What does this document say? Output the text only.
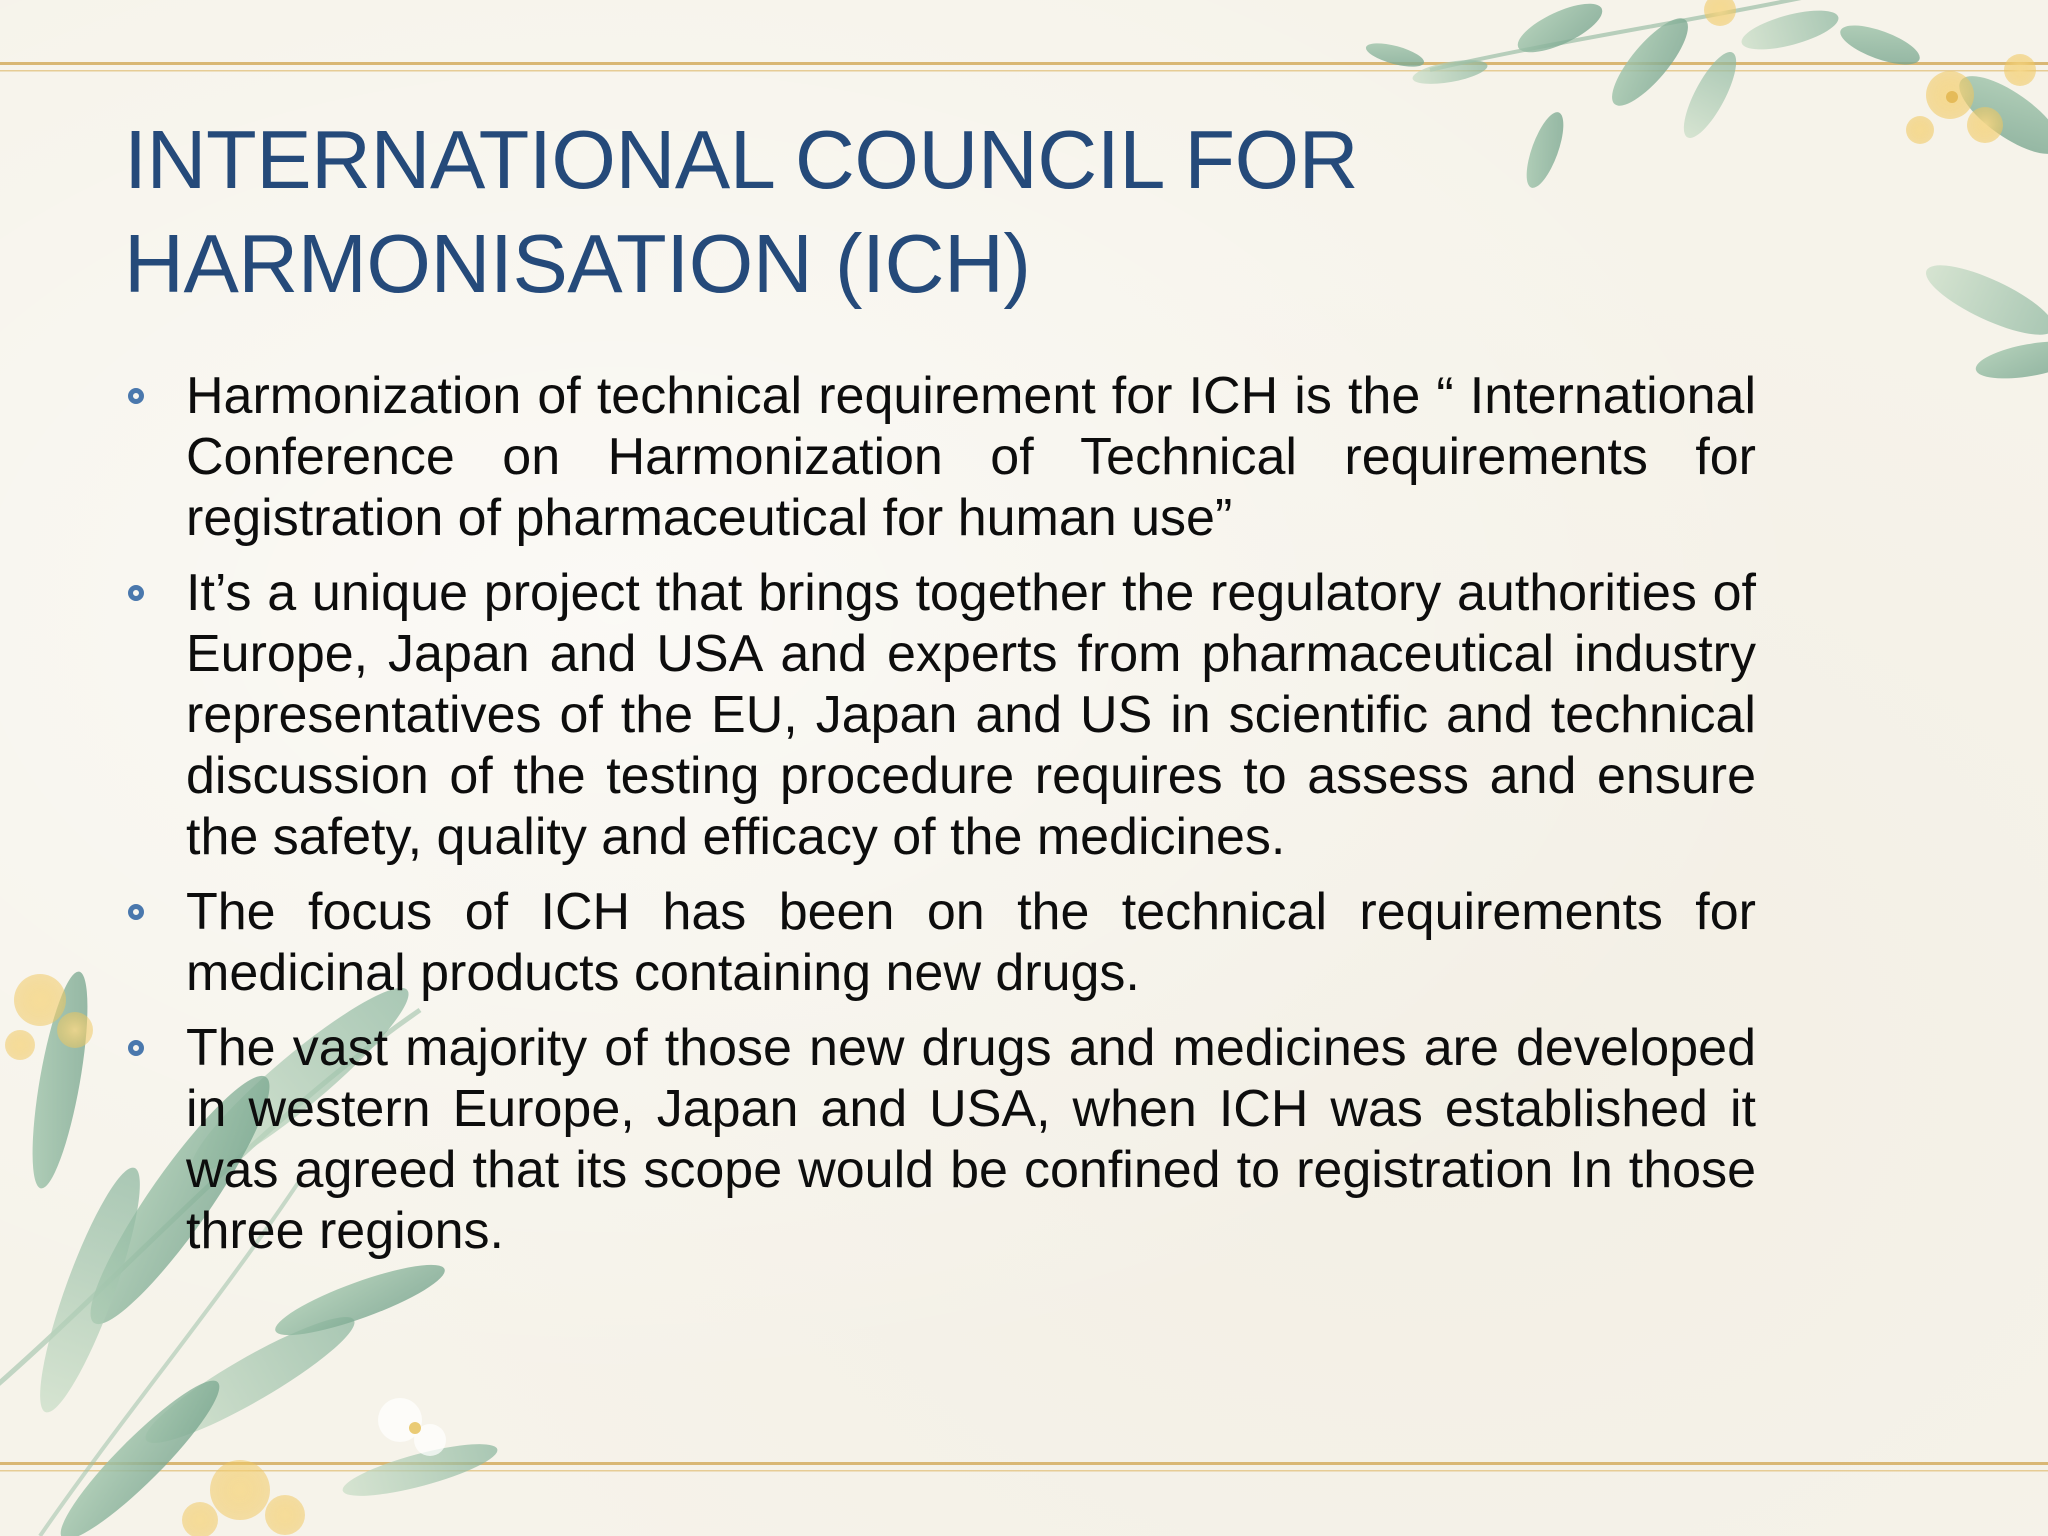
INTERNATIONAL COUNCIL FOR
HARMONISATION (ICH)
Harmonization of technical requirement for ICH is the “ International Conference on Harmonization of Technical requirements for registration of pharmaceutical for human use”
It’s a unique project that brings together the regulatory authorities of Europe, Japan and USA and experts from pharmaceutical industry representatives of the EU, Japan and US in scientific and technical discussion of the testing procedure requires to assess and ensure the safety, quality and efficacy of the medicines.
The focus of ICH has been on the technical requirements for medicinal products containing new drugs.
The vast majority of those new drugs and medicines are developed in western Europe, Japan and USA, when ICH was established it was agreed that its scope would be confined to registration In those three regions.
